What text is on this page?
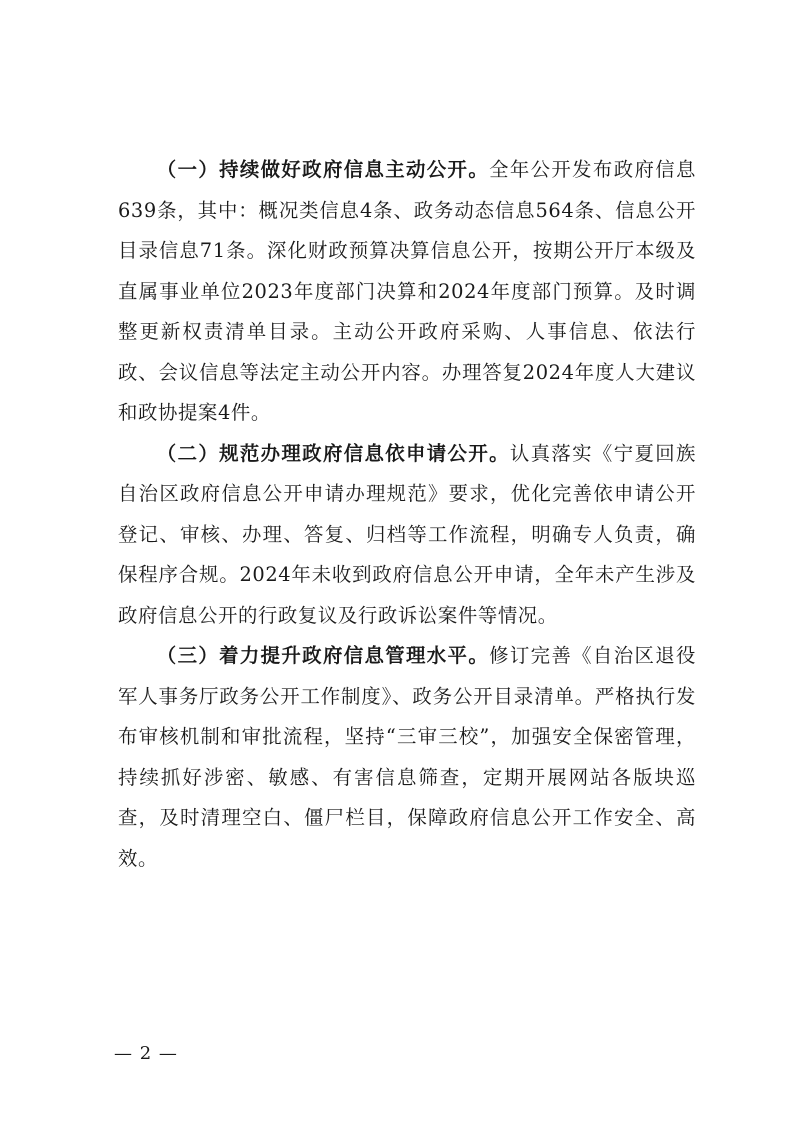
（一）持续做好政府信息主动公开。全年公开发布政府信息639条，其中：概况类信息4条、政务动态信息564条、信息公开目录信息71条。深化财政预算决算信息公开，按期公开厅本级及直属事业单位2023年度部门决算和2024年度部门预算。及时调整更新权责清单目录。主动公开政府采购、人事信息、依法行政、会议信息等法定主动公开内容。办理答复2024年度人大建议和政协提案4件。

（二）规范办理政府信息依申请公开。认真落实《宁夏回族自治区政府信息公开申请办理规范》要求，优化完善依申请公开登记、审核、办理、答复、归档等工作流程，明确专人负责，确保程序合规。2024年未收到政府信息公开申请，全年未产生涉及政府信息公开的行政复议及行政诉讼案件等情况。

（三）着力提升政府信息管理水平。修订完善《自治区退役军人事务厅政务公开工作制度》、政务公开目录清单。严格执行发布审核机制和审批流程，坚持“三审三校”，加强安全保密管理，持续抓好涉密、敏感、有害信息筛查，定期开展网站各版块巡查，及时清理空白、僵尸栏目，保障政府信息公开工作安全、高效。

— 2 —
